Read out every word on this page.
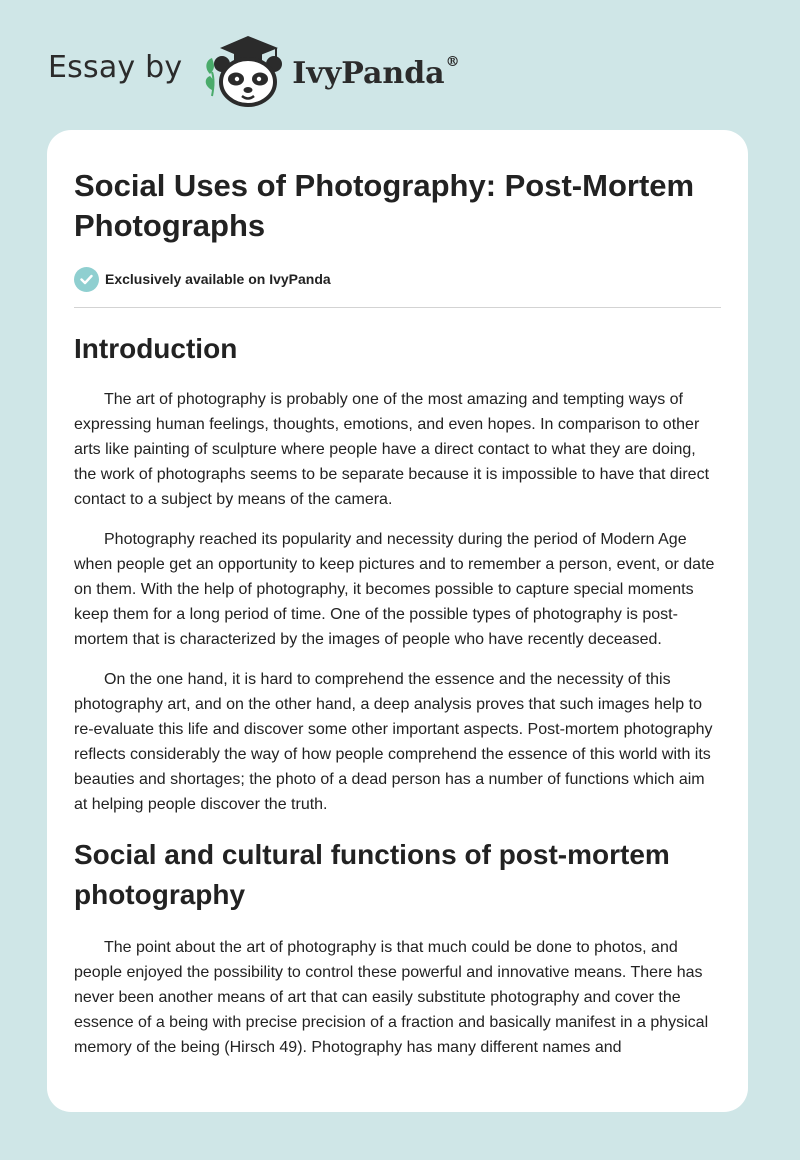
Essay by	IvyPanda®
Social Uses of Photography: Post-Mortem Photographs
Exclusively available on IvyPanda
Introduction

The art of photography is probably one of the most amazing and tempting ways of expressing human feelings, thoughts, emotions, and even hopes. In comparison to other arts like painting of sculpture where people have a direct contact to what they are doing, the work of photographs seems to be separate because it is impossible to have that direct contact to a subject by means of the camera.

Photography reached its popularity and necessity during the period of Modern Age when people get an opportunity to keep pictures and to remember a person, event, or date on them. With the help of photography, it becomes possible to capture special moments keep them for a long period of time. One of the possible types of photography is post-mortem that is characterized by the images of people who have recently deceased.

On the one hand, it is hard to comprehend the essence and the necessity of this photography art, and on the other hand, a deep analysis proves that such images help to re-evaluate this life and discover some other important aspects. Post-mortem photography reflects considerably the way of how people comprehend the essence of this world with its beauties and shortages; the photo of a dead person has a number of functions which aim at helping people discover the truth.

Social and cultural functions of post-mortem photography

The point about the art of photography is that much could be done to photos, and people enjoyed the possibility to control these powerful and innovative means. There has never been another means of art that can easily substitute photography and cover the essence of a being with precise precision of a fraction and basically manifest in a physical memory of the being (Hirsch 49). Photography has many different names and
